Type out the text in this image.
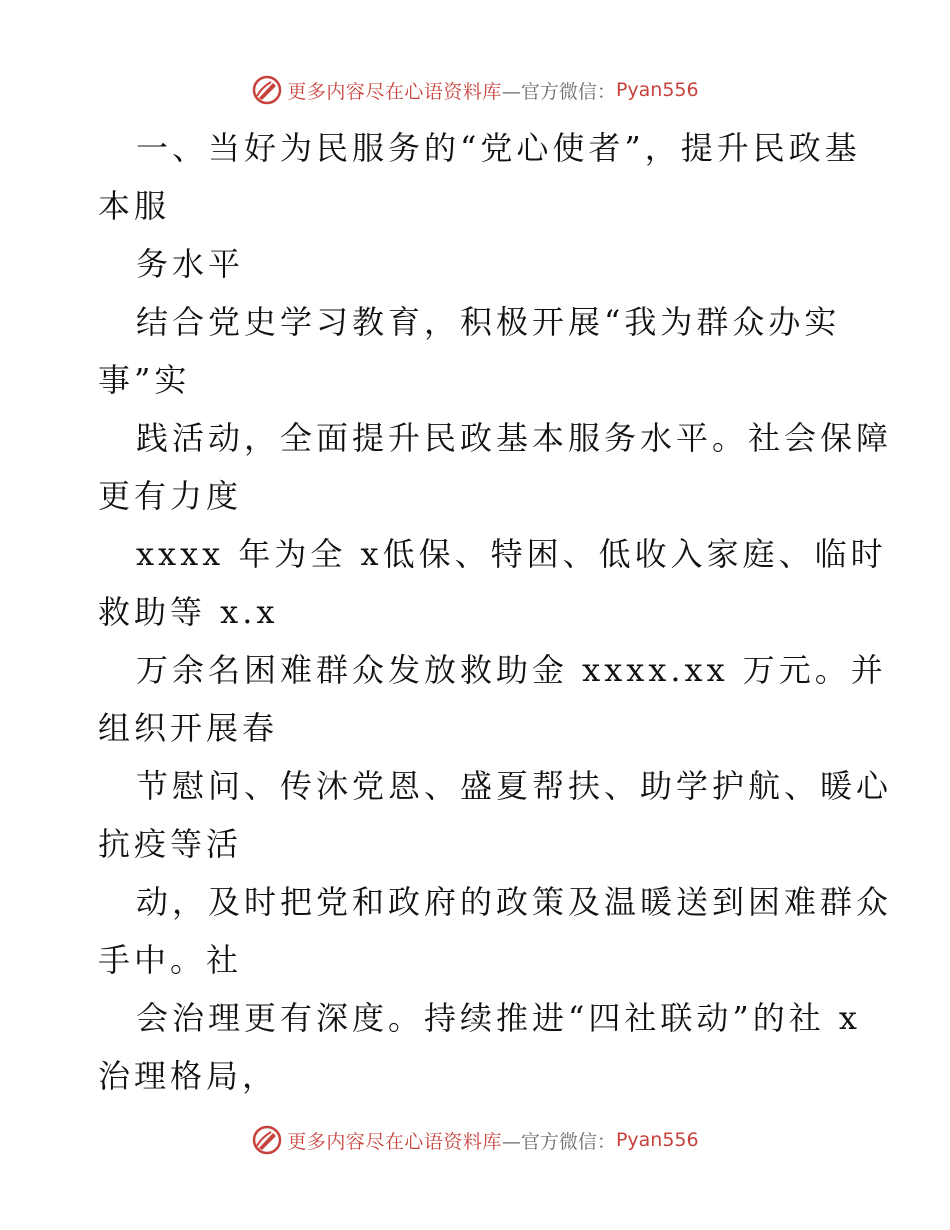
更多内容尽在心语资料库 —官方微信： Pyan556
一、当好为民服务的“党心使者”，提升民政基
本服
务水平
结合党史学习教育，积极开展“我为群众办实
事”实
践活动，全面提升民政基本服务水平。社会保障
更有力度
xxxx 年为全 x低保、特困、低收入家庭、临时
救助等 x.x
万余名困难群众发放救助金 xxxx.xx 万元。并
组织开展春
节慰问、传沐党恩、盛夏帮扶、助学护航、暖心
抗疫等活
动，及时把党和政府的政策及温暖送到困难群众
手中。社
会治理更有深度。持续推进“四社联动”的社 x
治理格局，
更多内容尽在心语资料库 —官方微信： Pyan556
